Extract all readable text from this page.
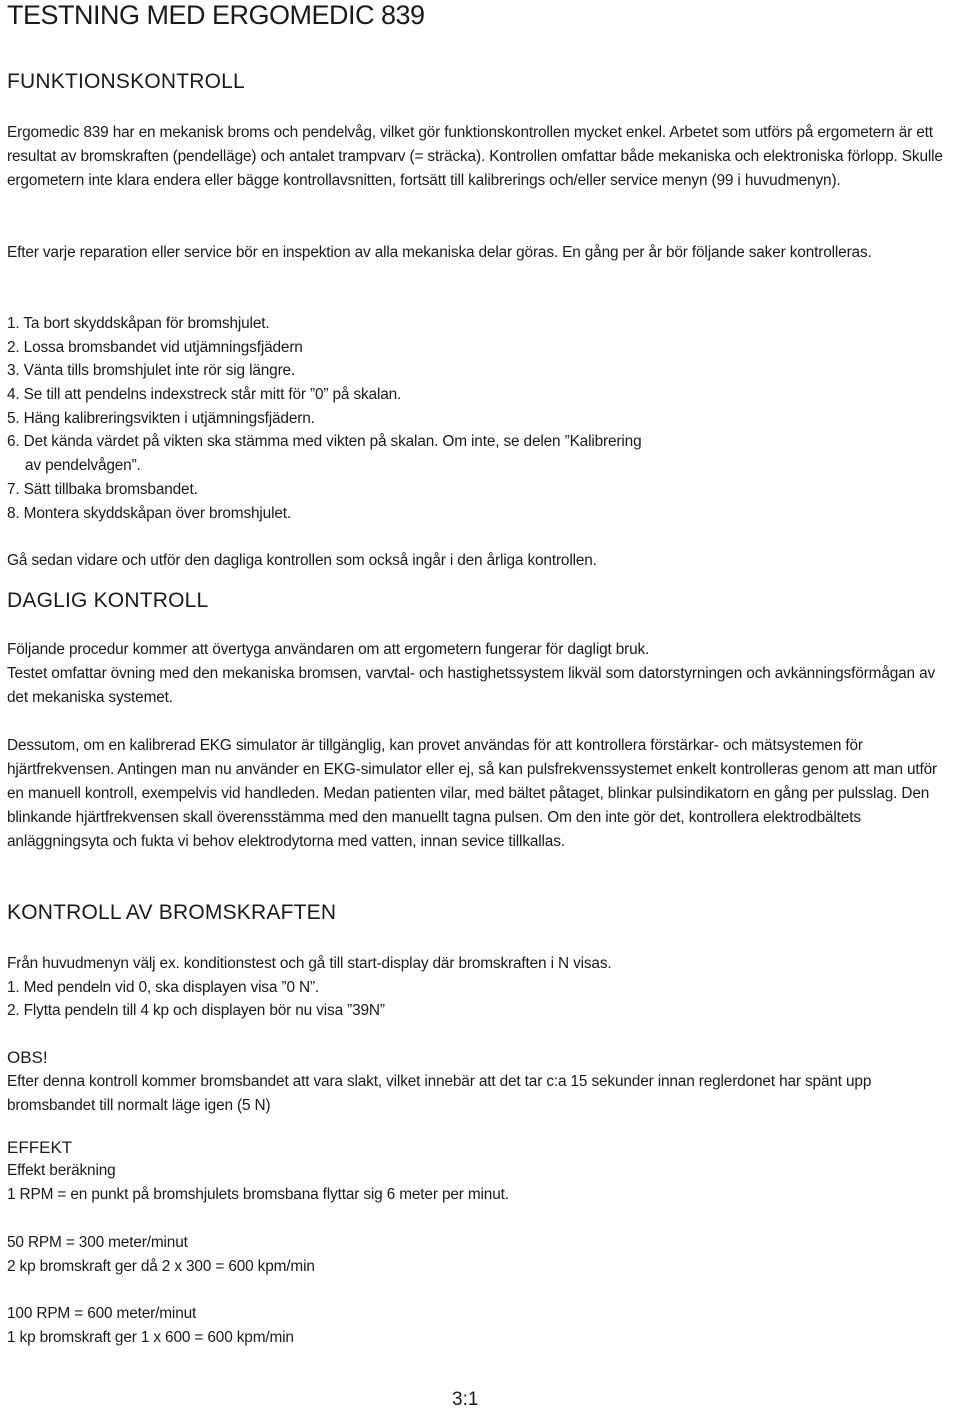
TESTNING MED ERGOMEDIC 839
FUNKTIONSKONTROLL
Ergomedic 839 har en mekanisk broms och pendelvåg, vilket gör funktionskontrollen mycket enkel. Arbetet som utförs på ergometern är ett resultat av bromskraften (pendelläge) och antalet trampvarv (= sträcka). Kontrollen omfattar både mekaniska och elektroniska förlopp. Skulle ergometern inte klara endera eller bägge kontrollavsnitten, fortsätt till kalibrerings och/eller service menyn (99 i huvudmenyn).
Efter varje reparation eller service bör en inspektion av alla mekaniska delar göras. En gång per år bör följande saker kontrolleras.
1. Ta bort skyddskåpan för bromshjulet.
2. Lossa bromsbandet vid utjämningsfjädern
3. Vänta tills bromshjulet inte rör sig längre.
4. Se till att pendelns indexstreck står mitt för ”0” på skalan.
5. Häng kalibreringsvikten i utjämningsfjädern.
6. Det kända värdet på vikten ska stämma med vikten på skalan. Om inte, se delen ”Kalibrering
av pendelvågen”.
7. Sätt tillbaka bromsbandet.
8. Montera skyddskåpan över bromshjulet.
Gå sedan vidare och utför den dagliga kontrollen som också ingår i den årliga kontrollen.
DAGLIG KONTROLL
Följande procedur kommer att övertyga användaren om att ergometern fungerar för dagligt bruk.
Testet omfattar övning med den mekaniska bromsen, varvtal- och hastighetssystem likväl som datorstyrningen och avkänningsförmågan av det mekaniska systemet.
Dessutom, om en kalibrerad EKG simulator är tillgänglig, kan provet användas för att kontrollera förstärkar- och mätsystemen för hjärtfrekvensen. Antingen man nu använder en EKG-simulator eller ej, så kan pulsfrekvenssystemet enkelt kontrolleras genom att man utför en manuell kontroll, exempelvis vid handleden. Medan patienten vilar, med bältet påtaget, blinkar pulsindikatorn en gång per pulsslag. Den blinkande hjärtfrekvensen skall överensstämma med den manuellt tagna pulsen. Om den inte gör det, kontrollera elektrodbältets anläggningsyta och fukta vi behov elektrodytorna med vatten, innan sevice tillkallas.
KONTROLL AV BROMSKRAFTEN
Från huvudmenyn välj ex. konditionstest och gå till start-display där bromskraften i N visas.
1. Med pendeln vid 0, ska displayen visa ”0 N”.
2. Flytta pendeln till 4 kp och displayen bör nu visa ”39N”
OBS!
Efter denna kontroll kommer bromsbandet att vara slakt, vilket innebär att det tar c:a 15 sekunder innan reglerdonet har spänt upp bromsbandet till normalt läge igen (5 N)
EFFEKT
Effekt beräkning
1 RPM = en punkt på bromshjulets bromsbana flyttar sig 6 meter per minut.
50 RPM = 300 meter/minut
2 kp bromskraft ger då 2 x 300 = 600 kpm/min
100 RPM = 600 meter/minut
1 kp bromskraft ger 1 x 600 = 600 kpm/min
3:1
